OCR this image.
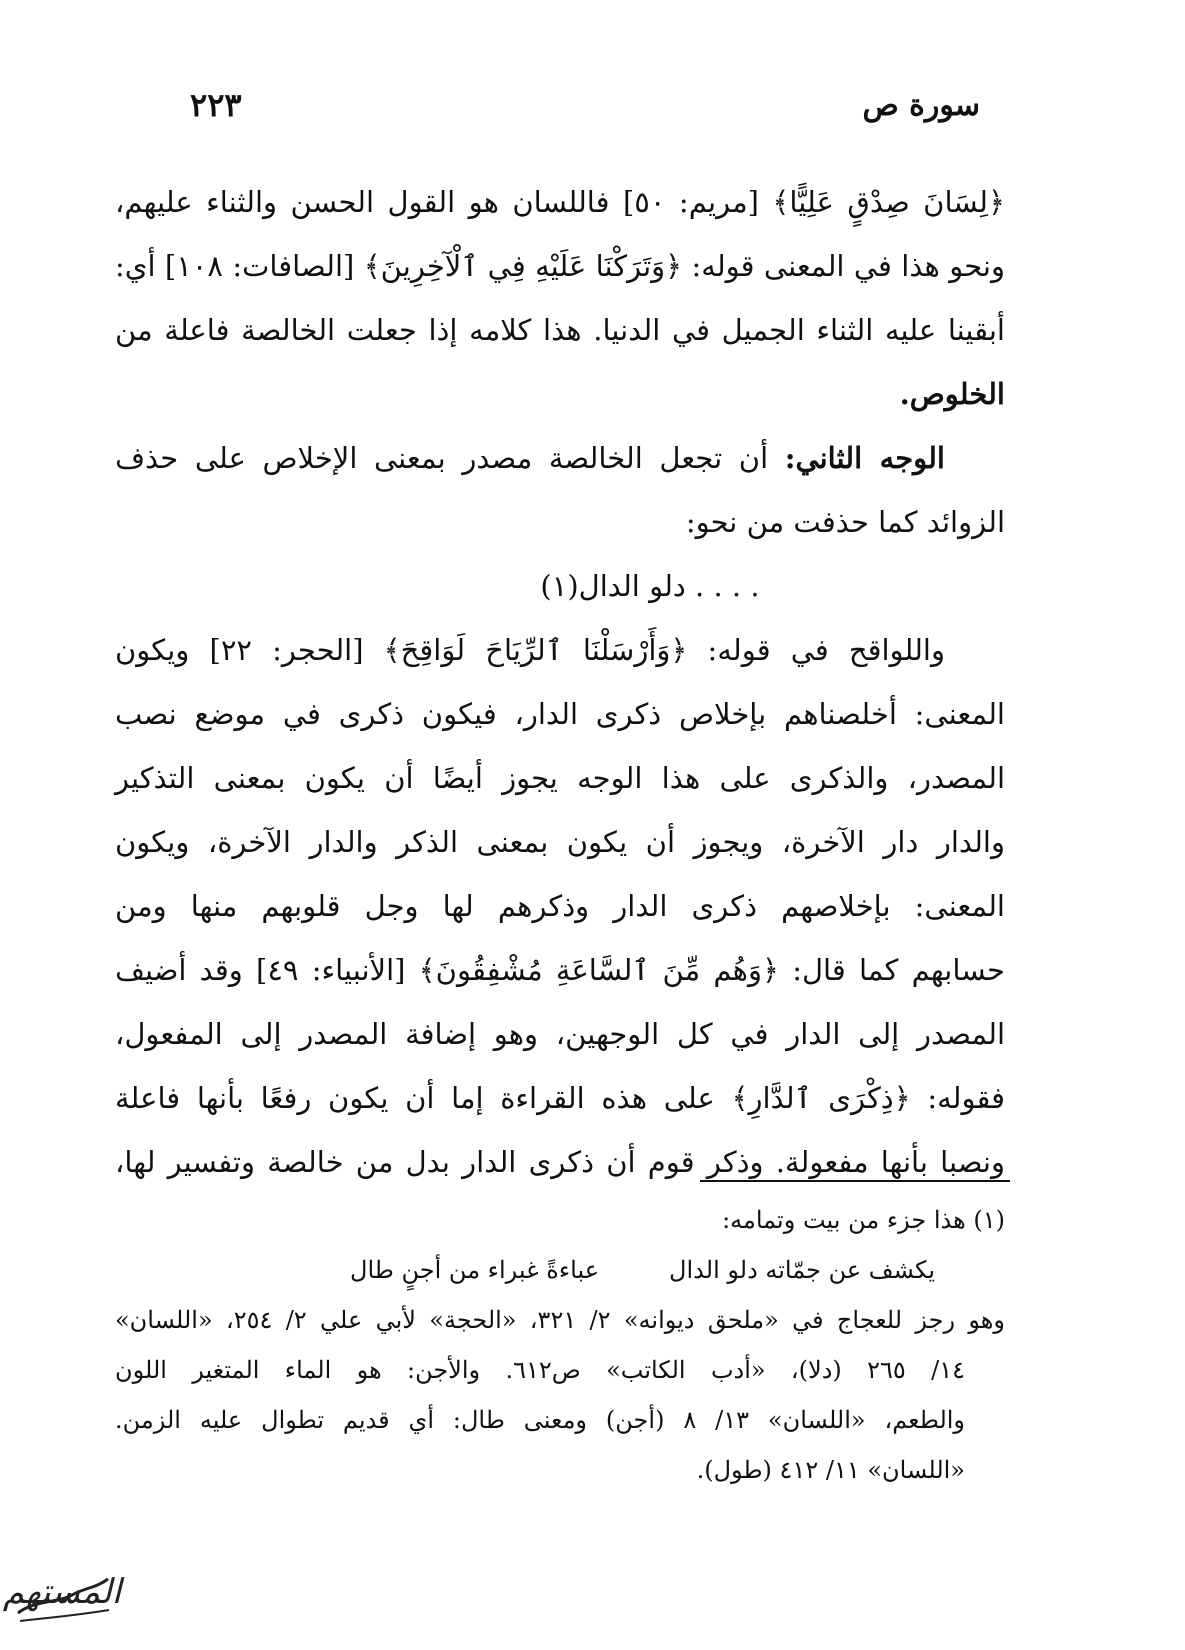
سورة ص
٢٢٣
﴿لِسَانَ صِدْقٍ عَلِيًّا﴾ [مريم: ٥٠] فاللسان هو القول الحسن والثناء عليهم،
ونحو هذا في المعنى قوله: ﴿وَتَرَكْنَا عَلَيْهِ فِي ٱلْآخِرِينَ﴾ [الصافات: ١٠٨] أي:
أبقينا عليه الثناء الجميل في الدنيا. هذا كلامه إذا جعلت الخالصة فاعلة من
الخلوص.
الوجه الثاني: أن تجعل الخالصة مصدر بمعنى الإخلاص على حذف
الزوائد كما حذفت من نحو:
. . . . دلو الدال(١)
واللواقح في قوله: ﴿وَأَرْسَلْنَا ٱلرِّيَاحَ لَوَاقِحَ﴾ [الحجر: ٢٢] ويكون
المعنى: أخلصناهم بإخلاص ذكرى الدار، فيكون ذكرى في موضع نصب
المصدر، والذكرى على هذا الوجه يجوز أيضًا أن يكون بمعنى التذكير
والدار دار الآخرة، ويجوز أن يكون بمعنى الذكر والدار الآخرة، ويكون
المعنى: بإخلاصهم ذكرى الدار وذكرهم لها وجل قلوبهم منها ومن
حسابهم كما قال: ﴿وَهُم مِّنَ ٱلسَّاعَةِ مُشْفِقُونَ﴾ [الأنبياء: ٤٩] وقد أضيف
المصدر إلى الدار في كل الوجهين، وهو إضافة المصدر إلى المفعول،
فقوله: ﴿ذِكْرَى ٱلدَّارِ﴾ على هذه القراءة إما أن يكون رفعًا بأنها فاعلة
ونصبا بأنها مفعولة. وذكر قوم أن ذكرى الدار بدل من خالصة وتفسير لها،
(١) هذا جزء من بيت وتمامه:
يكشف عن جمّاته دلو الدال
عباءةً غبراء من أجنٍ طال
وهو رجز للعجاج في «ملحق ديوانه» ٢/ ٣٢١، «الحجة» لأبي علي ٢/ ٢٥٤، «اللسان»
١٤/ ٢٦٥ (دلا)، «أدب الكاتب» ص٦١٢. والأجن: هو الماء المتغير اللون
والطعم، «اللسان» ١٣/ ٨ (أجن) ومعنى طال: أي قديم تطوال عليه الزمن.
«اللسان» ١١/ ٤١٢ (طول).
المستهم
